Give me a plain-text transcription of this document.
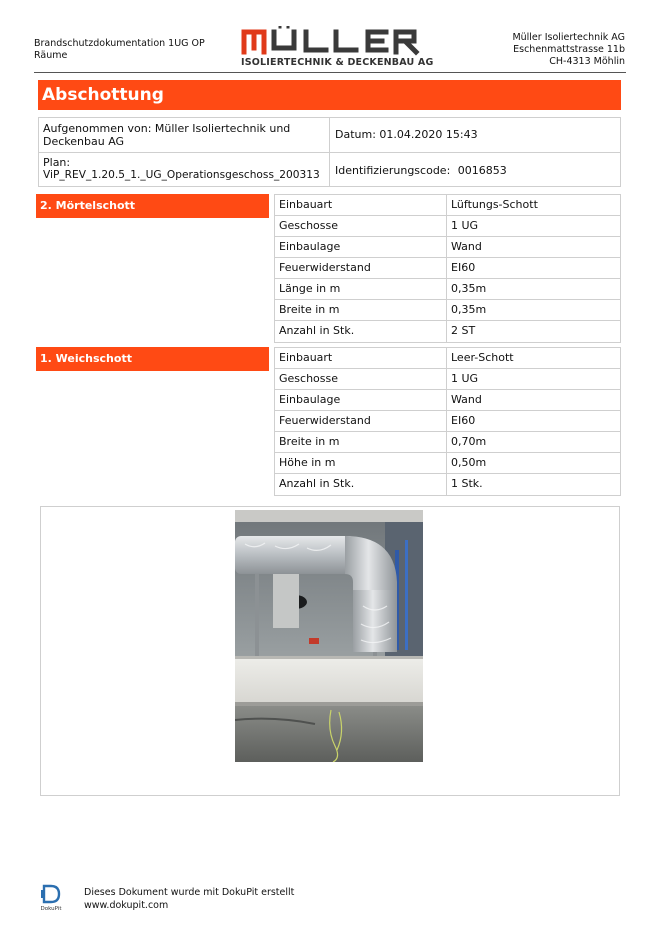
Brandschutzdokumentation 1UG OP
Räume
ISOLIERTECHNIK & DECKENBAU AG
Müller Isoliertechnik AG
Eschenmattstrasse 11b
CH-4313 Möhlin
Abschottung
Aufgenommen von: Müller Isoliertechnik und
Deckenbau AG
Datum: 01.04.2020 15:43
Plan:
ViP_REV_1.20.5_1._UG_Operationsgeschoss_200313	Identifizierungscode: 0016853
2. Mörtelschott	Einbauart	Lüftungs-Schott
Geschosse	1 UG
Einbaulage	Wand
Feuerwiderstand	EI60
Länge in m	0,35m
Breite in m	0,35m
Anzahl in Stk.	2 ST
1. Weichschott	Einbauart	Leer-Schott
Geschosse	1 UG
Einbaulage	Wand
Feuerwiderstand	EI60
Breite in m	0,70m
Höhe in m	0,50m
Anzahl in Stk.	1 Stk.
DokuPit
Dieses Dokument wurde mit DokuPit erstellt
www.dokupit.com
